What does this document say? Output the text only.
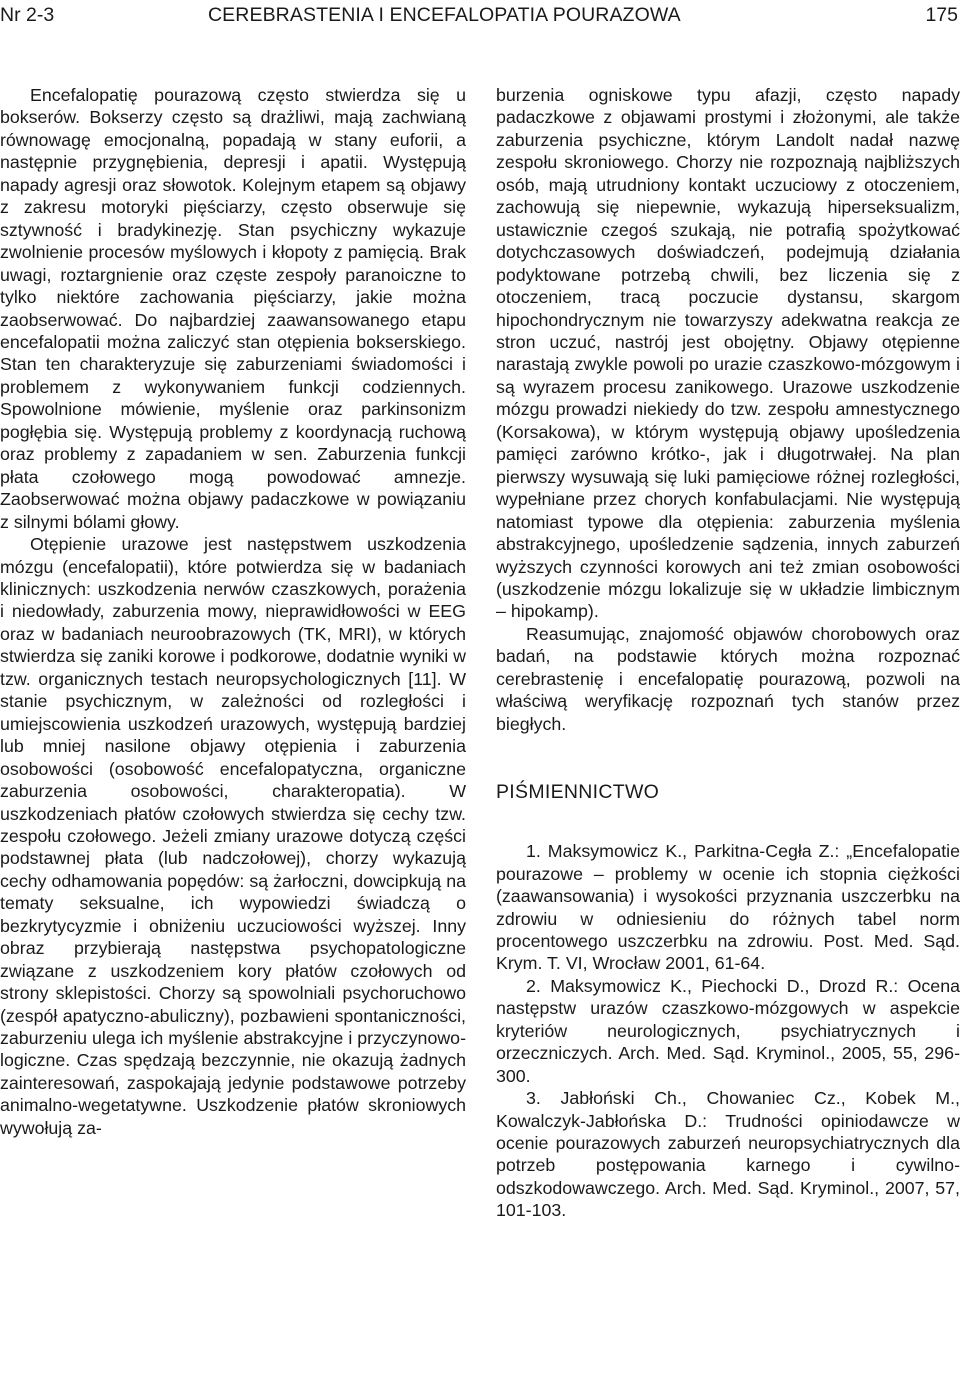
Nr 2-3	CEREBRASTENIA I ENCEFALOPATIA POURAZOWA	175

Encefalopatię pourazową często stwierdza się u bokserów. Bokserzy często są drażliwi, mają zachwianą równowagę emocjonalną, popadają w stany euforii, a następnie przygnębienia, depresji i apatii. Występują napady agresji oraz słowotok. Kolejnym etapem są objawy z zakresu motoryki pięściarzy, często obserwuje się sztywność i bradykinezję. Stan psychiczny wykazuje zwolnienie procesów myślowych i kłopoty z pamięcią. Brak uwagi, roztargnienie oraz częste zespoły paranoiczne to tylko niektóre zachowania pięściarzy, jakie można zaobserwować. Do najbardziej zaawansowanego etapu encefalopatii można zaliczyć stan otępienia bokserskiego. Stan ten charakteryzuje się zaburzeniami świadomości i problemem z wykonywaniem funkcji codziennych. Spowolnione mówienie, myślenie oraz parkinsonizm pogłębia się. Występują problemy z koordynacją ruchową oraz problemy z zapadaniem w sen. Zaburzenia funkcji płata czołowego mogą powodować amnezje. Zaobserwować można objawy padaczkowe w powiązaniu z silnymi bólami głowy.

Otępienie urazowe jest następstwem uszkodzenia mózgu (encefalopatii), które potwierdza się w badaniach klinicznych: uszkodzenia nerwów czaszkowych, porażenia i niedowłady, zaburzenia mowy, nieprawidłowości w EEG oraz w badaniach neuroobrazowych (TK, MRI), w których stwierdza się zaniki korowe i podkorowe, dodatnie wyniki w tzw. organicznych testach neuropsychologicznych [11]. W stanie psychicznym, w zależności od rozległości i umiejscowienia uszkodzeń urazowych, występują bardziej lub mniej nasilone objawy otępienia i zaburzenia osobowości (osobowość encefalopatyczna, organiczne zaburzenia osobowości, charakteropatia). W uszkodzeniach płatów czołowych stwierdza się cechy tzw. zespołu czołowego. Jeżeli zmiany urazowe dotyczą części podstawnej płata (lub nadczołowej), chorzy wykazują cechy odhamowania popędów: są żarłoczni, dowcipkują na tematy seksualne, ich wypowiedzi świadczą o bezkrytycyzmie i obniżeniu uczuciowości wyższej. Inny obraz przybierają następstwa psychopatologiczne związane z uszkodzeniem kory płatów czołowych od strony sklepistości. Chorzy są spowolniali psychoruchowo (zespół apatyczno-abuliczny), pozbawieni spontaniczności, zaburzeniu ulega ich myślenie abstrakcyjne i przyczynowo-logiczne. Czas spędzają bezczynnie, nie okazują żadnych zainteresowań, zaspokajają jedynie podstawowe potrzeby animalno-wegetatywne. Uszkodzenie płatów skroniowych wywołują za-

burzenia ogniskowe typu afazji, często napady padaczkowe z objawami prostymi i złożonymi, ale także zaburzenia psychiczne, którym Landolt nadał nazwę zespołu skroniowego. Chorzy nie rozpoznają najbliższych osób, mają utrudniony kontakt uczuciowy z otoczeniem, zachowują się niepewnie, wykazują hiperseksualizm, ustawicznie czegoś szukają, nie potrafią spożytkować dotychczasowych doświadczeń, podejmują działania podyktowane potrzebą chwili, bez liczenia się z otoczeniem, tracą poczucie dystansu, skargom hipochondrycznym nie towarzyszy adekwatna reakcja ze stron uczuć, nastrój jest obojętny. Objawy otępienne narastają zwykle powoli po urazie czaszkowo-mózgowym i są wyrazem procesu zanikowego. Urazowe uszkodzenie mózgu prowadzi niekiedy do tzw. zespołu amnestycznego (Korsakowa), w którym występują objawy upośledzenia pamięci zarówno krótko-, jak i długotrwałej. Na plan pierwszy wysuwają się luki pamięciowe różnej rozległości, wypełniane przez chorych konfabulacjami. Nie występują natomiast typowe dla otępienia: zaburzenia myślenia abstrakcyjnego, upośledzenie sądzenia, innych zaburzeń wyższych czynności korowych ani też zmian osobowości (uszkodzenie mózgu lokalizuje się w układzie limbicznym – hipokamp).

Reasumując, znajomość objawów chorobowych oraz badań, na podstawie których można rozpoznać cerebrastenię i encefalopatię pourazową, pozwoli na właściwą weryfikację rozpoznań tych stanów przez biegłych.

PIŚMIENNICTWO

1. Maksymowicz K., Parkitna-Cegła Z.: „Encefalopatie pourazowe – problemy w ocenie ich stopnia ciężkości (zaawansowania) i wysokości przyznania uszczerbku na zdrowiu w odniesieniu do różnych tabel norm procentowego uszczerbku na zdrowiu. Post. Med. Sąd. Krym. T. VI, Wrocław 2001, 61-64.

2. Maksymowicz K., Piechocki D., Drozd R.: Ocena następstw urazów czaszkowo-mózgowych w aspekcie kryteriów neurologicznych, psychiatrycznych i orzeczniczych. Arch. Med. Sąd. Kryminol., 2005, 55, 296-300.

3. Jabłoński Ch., Chowaniec Cz., Kobek M., Kowalczyk-Jabłońska D.: Trudności opiniodawcze w ocenie pourazowych zaburzeń neuropsychiatrycznych dla potrzeb postępowania karnego i cywilno-odszkodowawczego. Arch. Med. Sąd. Kryminol., 2007, 57, 101-103.
